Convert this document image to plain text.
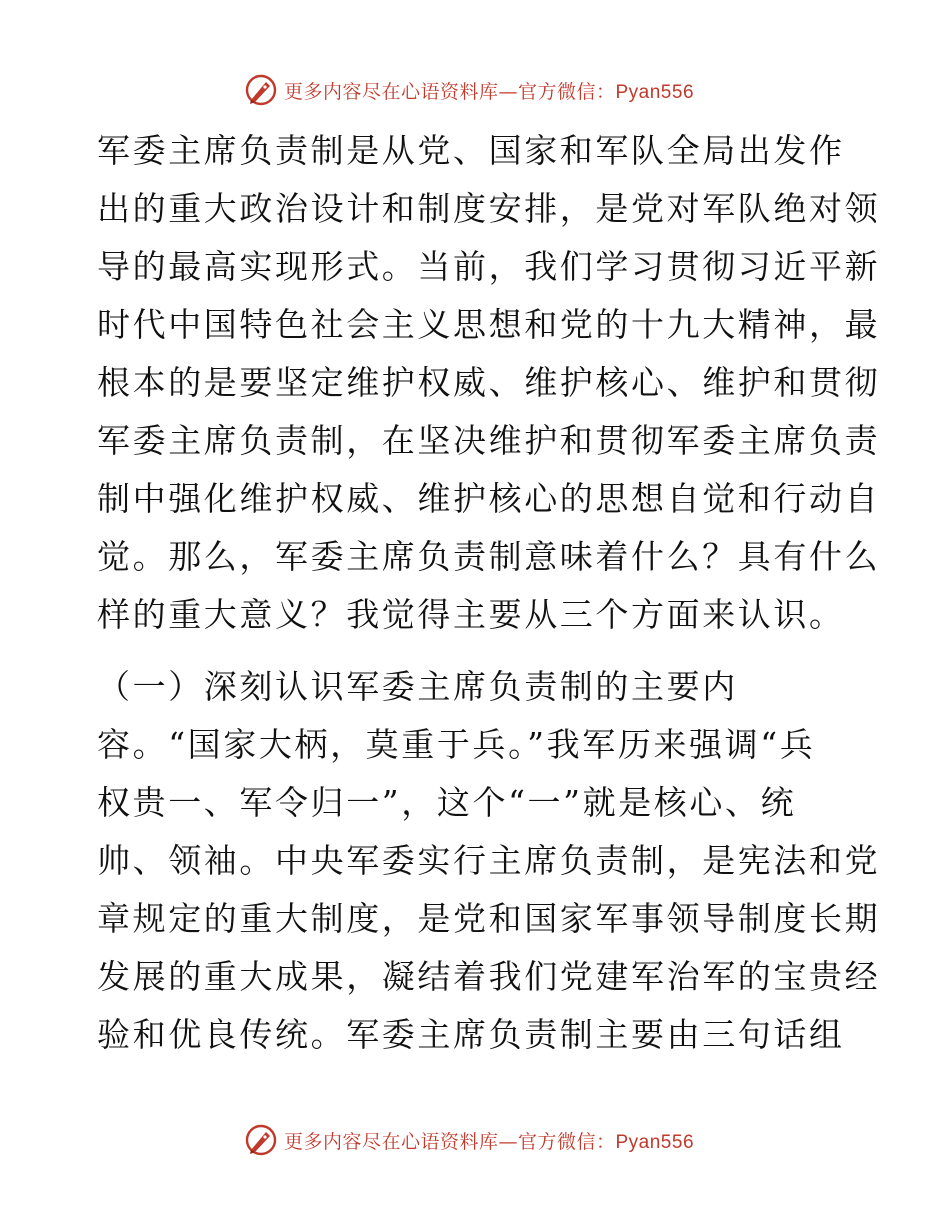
更多内容尽在心语资料库—官方微信：Pyan556
军委主席负责制是从党、国家和军队全局出发作
出的重大政治设计和制度安排，是党对军队绝对领
导的最高实现形式。当前，我们学习贯彻习近平新
时代中国特色社会主义思想和党的十九大精神，最
根本的是要坚定维护权威、维护核心、维护和贯彻
军委主席负责制，在坚决维护和贯彻军委主席负责
制中强化维护权威、维护核心的思想自觉和行动自
觉。那么，军委主席负责制意味着什么？具有什么
样的重大意义？我觉得主要从三个方面来认识。
（一）深刻认识军委主席负责制的主要内
容。“国家大柄，莫重于兵。”我军历来强调“兵
权贵一、军令归一”，这个“一”就是核心、统
帅、领袖。中央军委实行主席负责制，是宪法和党
章规定的重大制度，是党和国家军事领导制度长期
发展的重大成果，凝结着我们党建军治军的宝贵经
验和优良传统。军委主席负责制主要由三句话组
更多内容尽在心语资料库—官方微信：Pyan556
